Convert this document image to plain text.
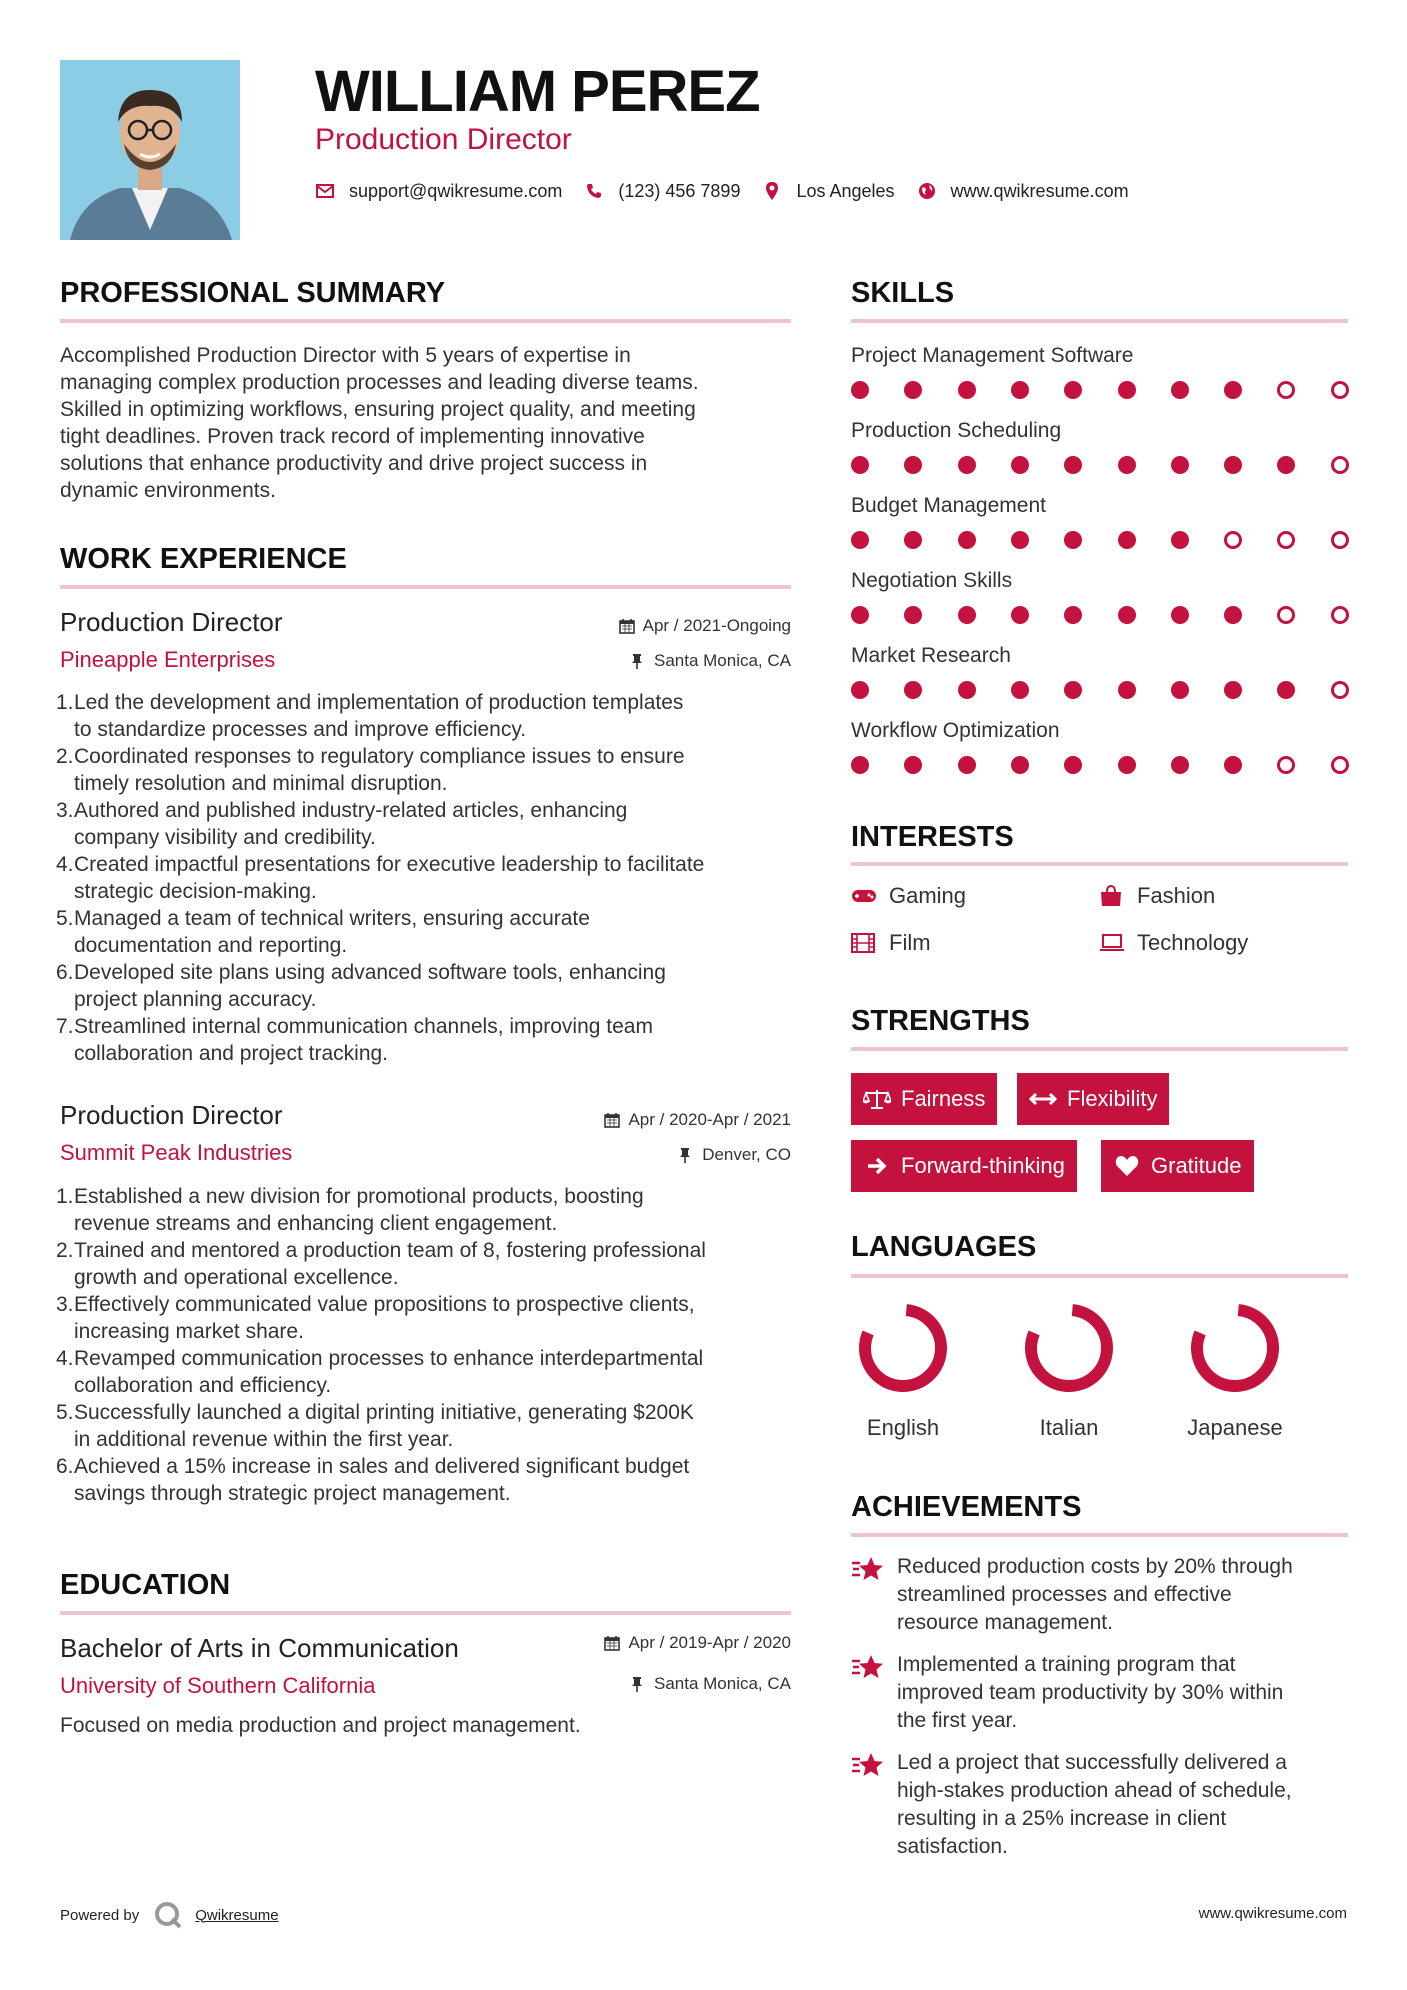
WILLIAM PEREZ
Production Director
support@qwikresume.com	(123) 456 7899	Los Angeles	www.qwikresume.com
PROFESSIONAL SUMMARY
Accomplished Production Director with 5 years of expertise in
managing complex production processes and leading diverse teams.
Skilled in optimizing workflows, ensuring project quality, and meeting
tight deadlines. Proven track record of implementing innovative
solutions that enhance productivity and drive project success in
dynamic environments.
WORK EXPERIENCE
Production Director
Pineapple Enterprises
Apr / 2021-Ongoing
Santa Monica, CA
1. Led the development and implementation of production templates
to standardize processes and improve efficiency.
2. Coordinated responses to regulatory compliance issues to ensure
timely resolution and minimal disruption.
3. Authored and published industry-related articles, enhancing
company visibility and credibility.
4. Created impactful presentations for executive leadership to facilitate
strategic decision-making.
5. Managed a team of technical writers, ensuring accurate
documentation and reporting.
6. Developed site plans using advanced software tools, enhancing
project planning accuracy.
7. Streamlined internal communication channels, improving team
collaboration and project tracking.
Production Director
Summit Peak Industries
Apr / 2020-Apr / 2021
Denver, CO
1. Established a new division for promotional products, boosting
revenue streams and enhancing client engagement.
2. Trained and mentored a production team of 8, fostering professional
growth and operational excellence.
3. Effectively communicated value propositions to prospective clients,
increasing market share.
4. Revamped communication processes to enhance interdepartmental
collaboration and efficiency.
5. Successfully launched a digital printing initiative, generating $200K
in additional revenue within the first year.
6. Achieved a 15% increase in sales and delivered significant budget
savings through strategic project management.
EDUCATION
Bachelor of Arts in Communication
University of Southern California
Apr / 2019-Apr / 2020
Santa Monica, CA
Focused on media production and project management.
SKILLS
Project Management Software
Production Scheduling
Budget Management
Negotiation Skills
Market Research
Workflow Optimization
INTERESTS
Gaming	Fashion
Film	Technology
STRENGTHS
Fairness	Flexibility
Forward-thinking	Gratitude
LANGUAGES
English	Italian	Japanese
ACHIEVEMENTS
Reduced production costs by 20% through
streamlined processes and effective
resource management.
Implemented a training program that
improved team productivity by 30% within
the first year.
Led a project that successfully delivered a
high-stakes production ahead of schedule,
resulting in a 25% increase in client
satisfaction.
Powered by	Qwikresume	www.qwikresume.com
